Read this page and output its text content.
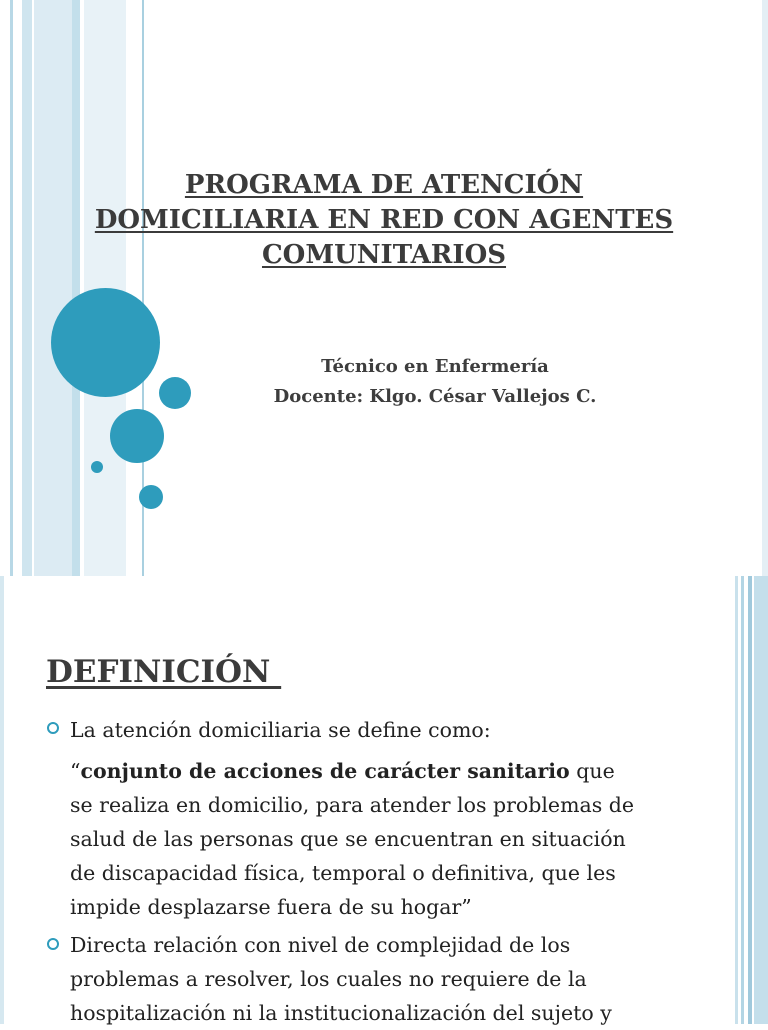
PROGRAMA DE ATENCIÓN
DOMICILIARIA EN RED CON AGENTES
COMUNITARIOS
Técnico en Enfermería
Docente: Klgo. César Vallejos C.
DEFINICIÓN
La atención domiciliaria se define como:
“conjunto de acciones de carácter sanitario que
se realiza en domicilio, para atender los problemas de
salud de las personas que se encuentran en situación
de discapacidad física, temporal o definitiva, que les
impide desplazarse fuera de su hogar”
Directa relación con nivel de complejidad de los
problemas a resolver, los cuales no requiere de la
hospitalización ni la institucionalización del sujeto y
